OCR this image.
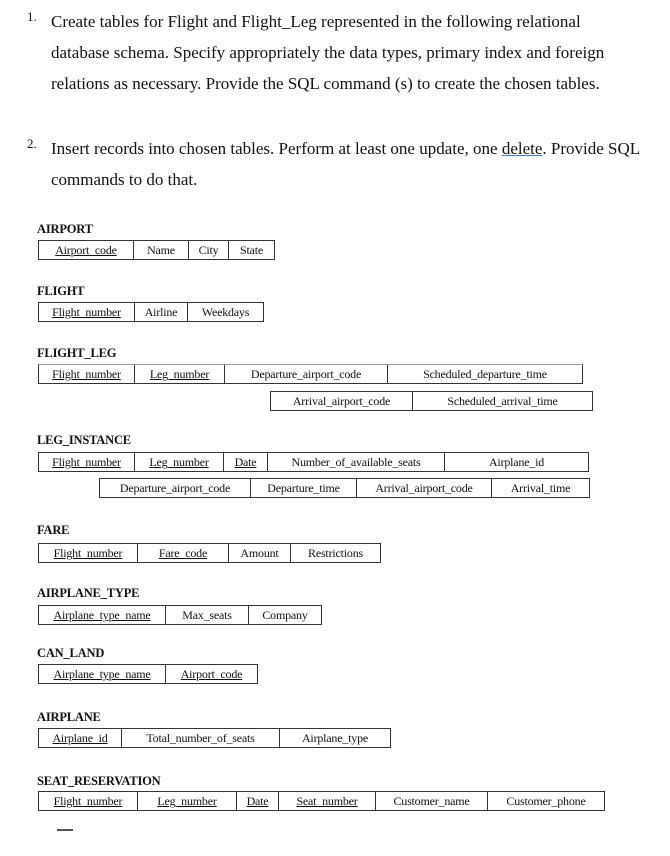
1. Create tables for Flight and Flight_Leg represented in the following relational database schema. Specify appropriately the data types, primary index and foreign relations as necessary. Provide the SQL command (s) to create the chosen tables.
2. Insert records into chosen tables. Perform at least one update, one delete. Provide SQL commands to do that.
AIRPORT
Airport_code	Name	City	State
FLIGHT
Flight_number	Airline	Weekdays
FLIGHT_LEG
Flight_number	Leg_number	Departure_airport_code	Scheduled_departure_time
Arrival_airport_code	Scheduled_arrival_time
LEG_INSTANCE
Flight_number	Leg_number	Date	Number_of_available_seats	Airplane_id
Departure_airport_code	Departure_time	Arrival_airport_code	Arrival_time
FARE
Flight_number	Fare_code	Amount	Restrictions
AIRPLANE_TYPE
Airplane_type_name	Max_seats	Company
CAN_LAND
Airplane_type_name	Airport_code
AIRPLANE
Airplane_id	Total_number_of_seats	Airplane_type
SEAT_RESERVATION
Flight_number	Leg_number	Date	Seat_number	Customer_name	Customer_phone
